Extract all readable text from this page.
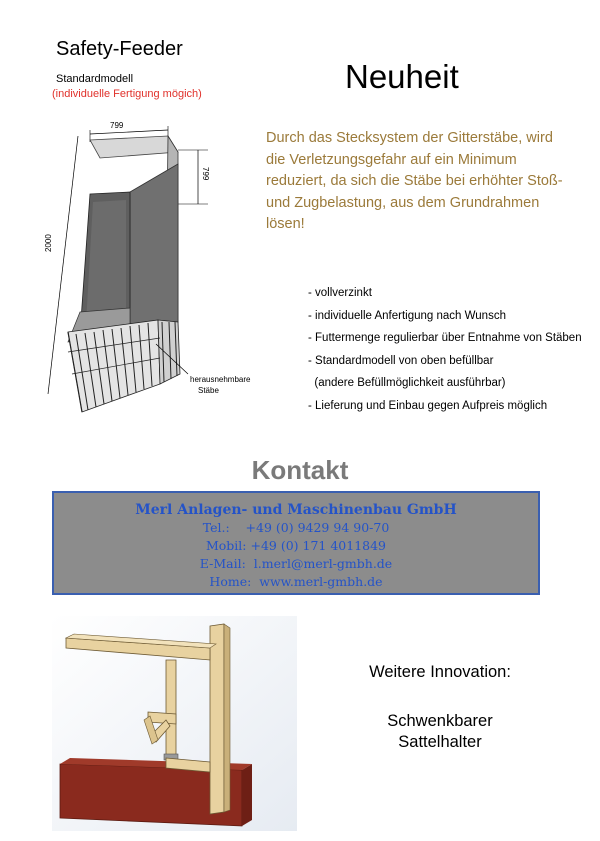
Safety-Feeder
Standardmodell
(individuelle Fertigung mögich)	Neuheit
799
799
2000
herausnehmbare
Stäbe
Durch das Stecksystem der Gitterstäbe, wird die Verletzungsgefahr auf ein Minimum reduziert, da sich die Stäbe bei erhöhter Stoß- und Zugbelastung, aus dem Grundrahmen lösen!
- vollverzinkt
- individuelle Anfertigung nach Wunsch
- Futtermenge regulierbar über Entnahme von Stäben
- Standardmodell von oben befüllbar
(andere Befüllmöglichkeit ausführbar)
- Lieferung und Einbau gegen Aufpreis möglich
Kontakt
Merl Anlagen- und Maschinenbau GmbH
Tel.:    +49 (0) 9429 94 90-70
Mobil: +49 (0) 171 4011849
E-Mail:  l.merl@merl-gmbh.de
Home:  www.merl-gmbh.de
Weitere Innovation:
Schwenkbarer
Sattelhalter
